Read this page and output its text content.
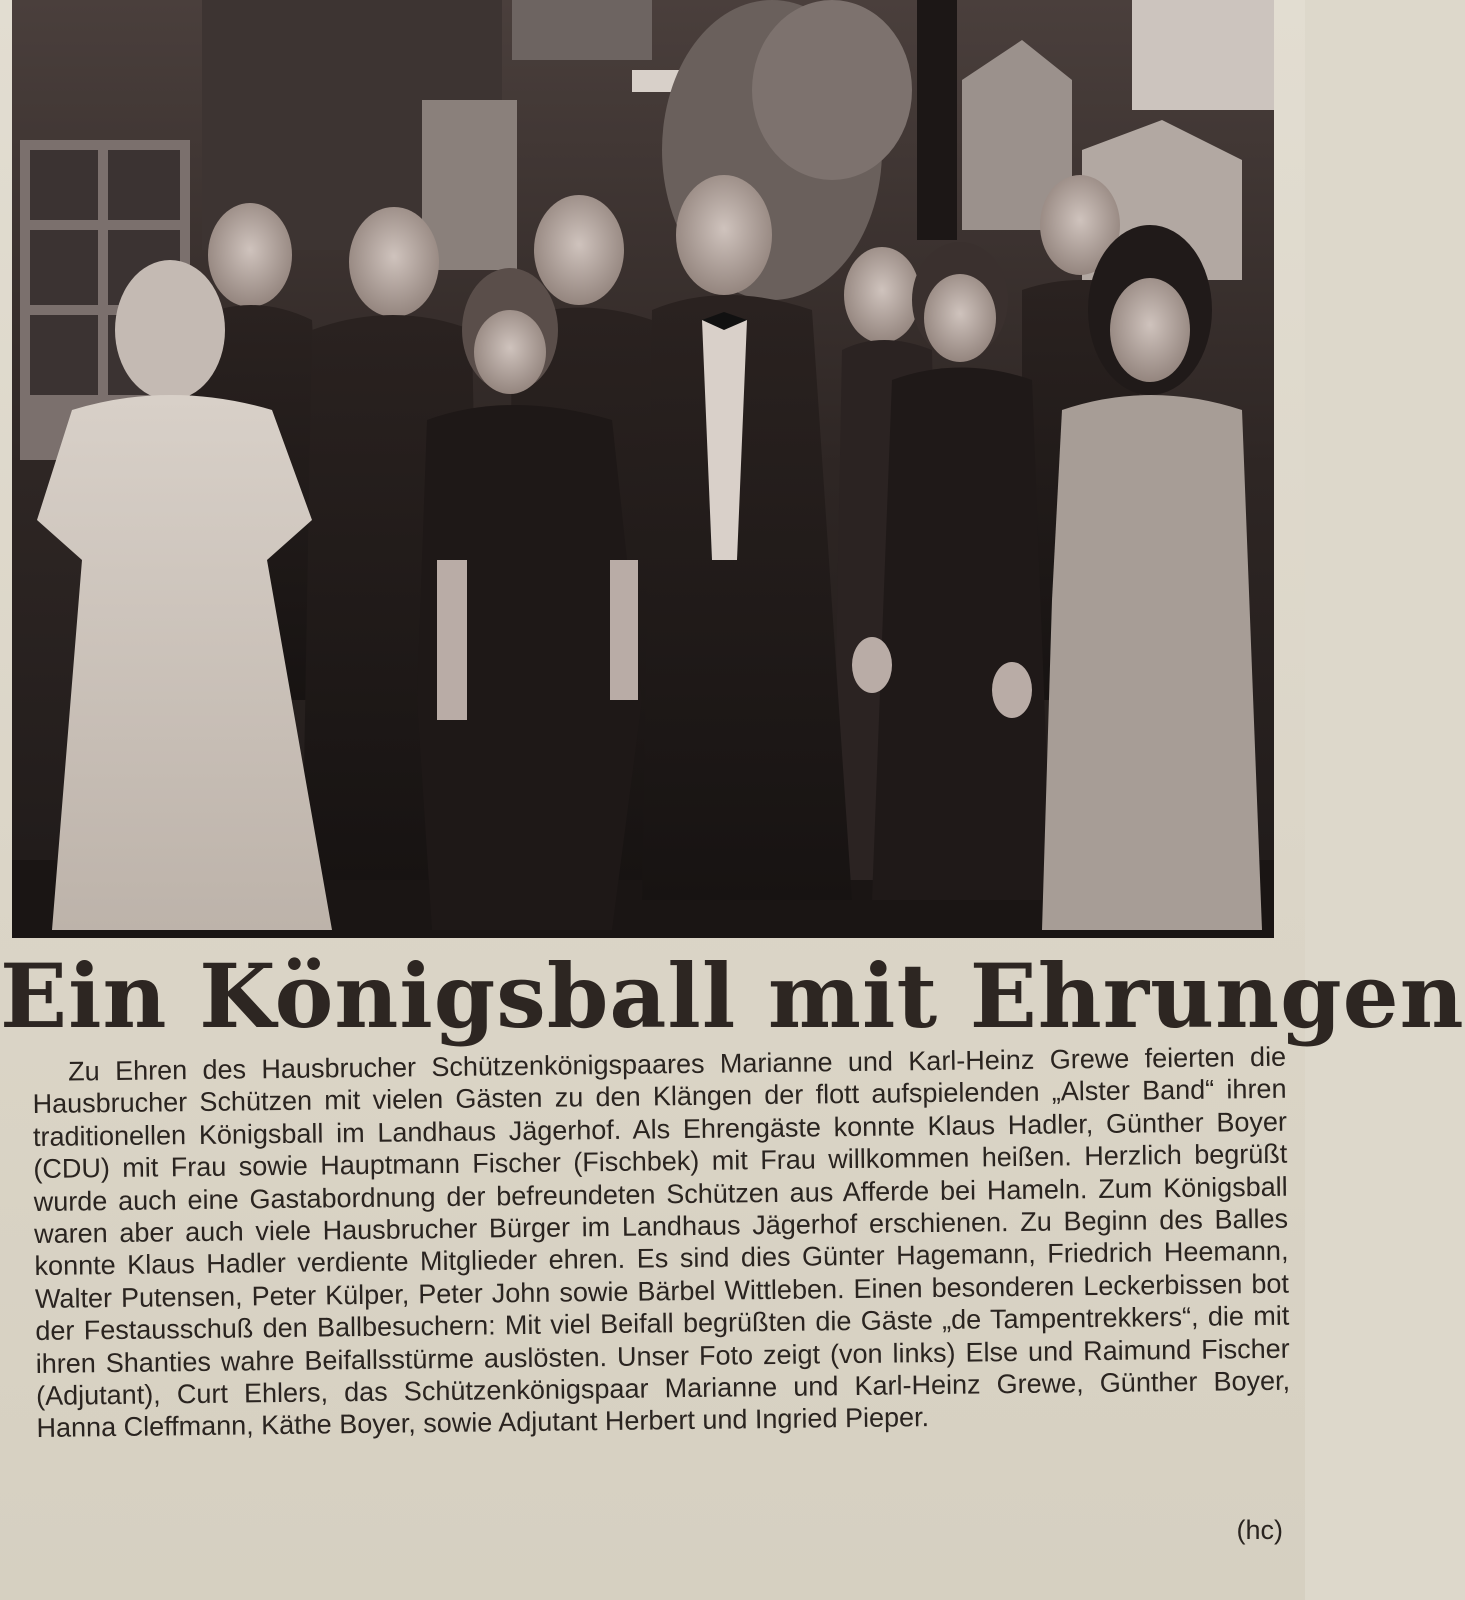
Ein Königsball mit Ehrungen

Zu Ehren des Hausbrucher Schützenkönigspaares Marianne und Karl-Heinz Grewe feierten die Hausbrucher Schützen mit vielen Gästen zu den Klängen der flott aufspielenden „Alster Band“ ihren traditionellen Königsball im Landhaus Jägerhof. Als Ehrengäste konnte Klaus Hadler, Günther Boyer (CDU) mit Frau sowie Hauptmann Fischer (Fischbek) mit Frau willkommen heißen. Herzlich begrüßt wurde auch eine Gastabordnung der befreundeten Schützen aus Afferde bei Hameln. Zum Königsball waren aber auch viele Hausbrucher Bürger im Landhaus Jägerhof erschienen. Zu Beginn des Balles konnte Klaus Hadler verdiente Mitglieder ehren. Es sind dies Günter Hagemann, Friedrich Heemann, Walter Putensen, Peter Külper, Peter John sowie Bärbel Wittleben. Einen besonderen Leckerbissen bot der Festausschuß den Ballbesuchern: Mit viel Beifall begrüßten die Gäste „de Tampentrekkers“, die mit ihren Shanties wahre Beifallsstürme auslösten. Unser Foto zeigt (von links) Else und Raimund Fischer (Adjutant), Curt Ehlers, das Schützenkönigspaar Marianne und Karl-Heinz Grewe, Günther Boyer, Hanna Cleffmann, Käthe Boyer, sowie Adjutant Herbert und Ingried Pieper.

(hc)
